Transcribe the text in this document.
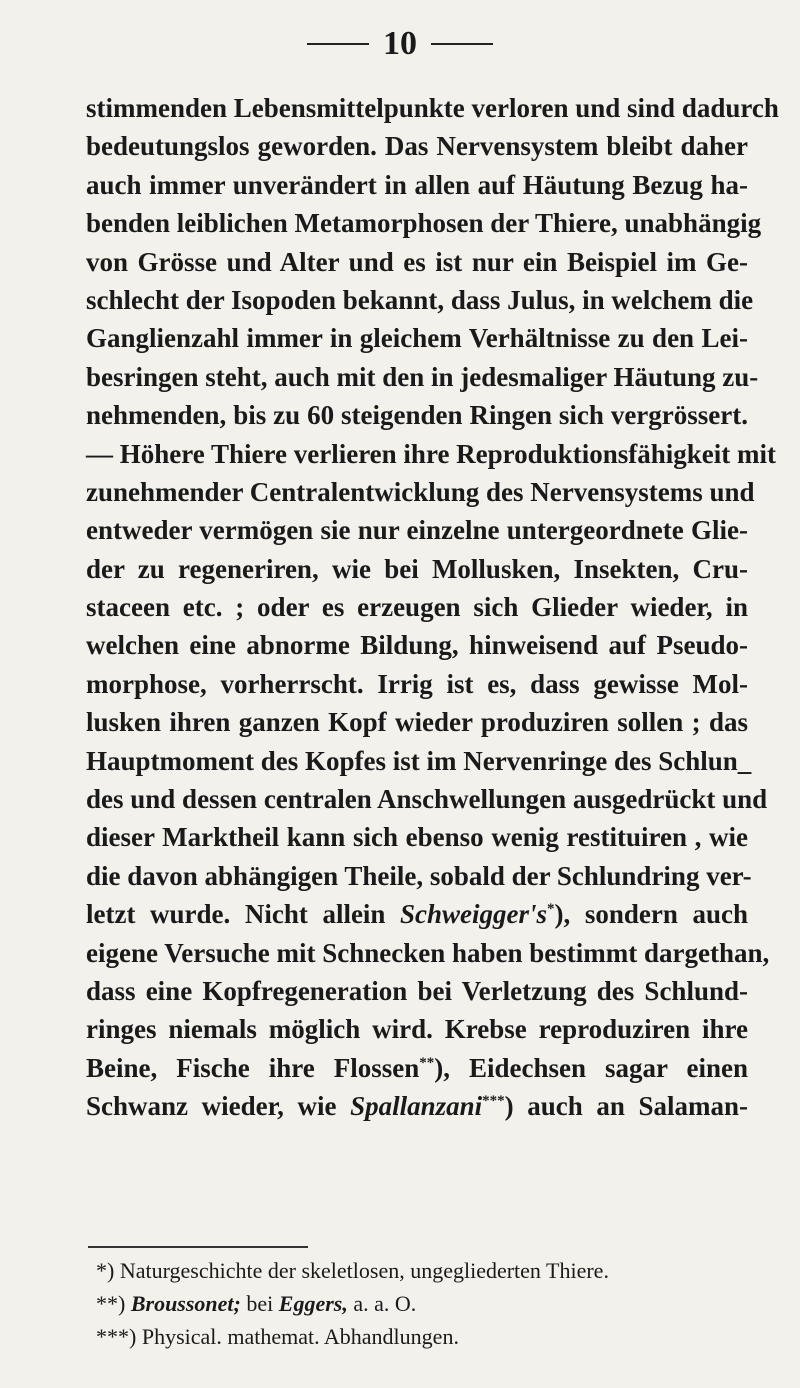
10
stimmenden Lebensmittelpunkte verloren und sind dadurch
bedeutungslos geworden. Das Nervensystem bleibt daher
auch immer unverändert in allen auf Häutung Bezug ha-
benden leiblichen Metamorphosen der Thiere, unabhängig
von Grösse und Alter und es ist nur ein Beispiel im Ge-
schlecht der Isopoden bekannt, dass Julus, in welchem die
Ganglienzahl immer in gleichem Verhältnisse zu den Lei-
besringen steht, auch mit den in jedesmaliger Häutung zu-
nehmenden, bis zu 60 steigenden Ringen sich vergrössert.
— Höhere Thiere verlieren ihre Reproduktionsfähigkeit mit
zunehmender Centralentwicklung des Nervensystems und
entweder vermögen sie nur einzelne untergeordnete Glie-
der zu regeneriren, wie bei Mollusken, Insekten, Cru-
staceen etc. ; oder es erzeugen sich Glieder wieder, in
welchen eine abnorme Bildung, hinweisend auf Pseudo-
morphose, vorherrscht. Irrig ist es, dass gewisse Mol-
lusken ihren ganzen Kopf wieder produziren sollen ; das
Hauptmoment des Kopfes ist im Nervenringe des Schlun_
des und dessen centralen Anschwellungen ausgedrückt und
dieser Marktheil kann sich ebenso wenig restituiren , wie
die davon abhängigen Theile, sobald der Schlundring ver-
letzt wurde. Nicht allein Schweigger's*), sondern auch
eigene Versuche mit Schnecken haben bestimmt dargethan,
dass eine Kopfregeneration bei Verletzung des Schlund-
ringes niemals möglich wird. Krebse reproduziren ihre
Beine, Fische ihre Flossen**), Eidechsen sagar einen
Schwanz wieder, wie Spallanzani***) auch an Salaman-
*) Naturgeschichte der skeletlosen, ungegliederten Thiere.
**) Broussonet; bei Eggers, a. a. O.
***) Physical. mathemat. Abhandlungen.
